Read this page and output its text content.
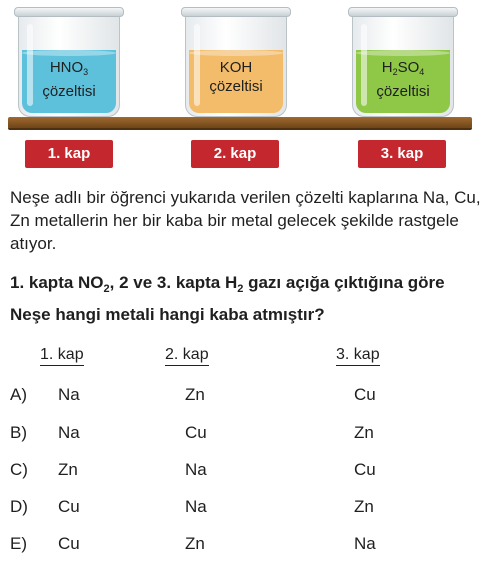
$HNO_3$
çözeltisi
KOH
çözeltisi
$H_2SO_4$
çözeltisi
1. kap	2. kap	3. kap

Neşe adlı bir öğrenci yukarıda verilen çözelti kaplarına Na, Cu, Zn metallerin her bir kaba bir metal gelecek şekilde rastgele atıyor.

1. kapta $NO_2$, 2 ve 3. kapta $H_2$ gazı açığa çıktığına göre Neşe hangi metali hangi kaba atmıştır?

1. kap	2. kap	3. kap
A) Na	Zn	Cu
B) Na	Cu	Zn
C) Zn	Na	Cu
D) Cu	Na	Zn
E) Cu	Zn	Na
